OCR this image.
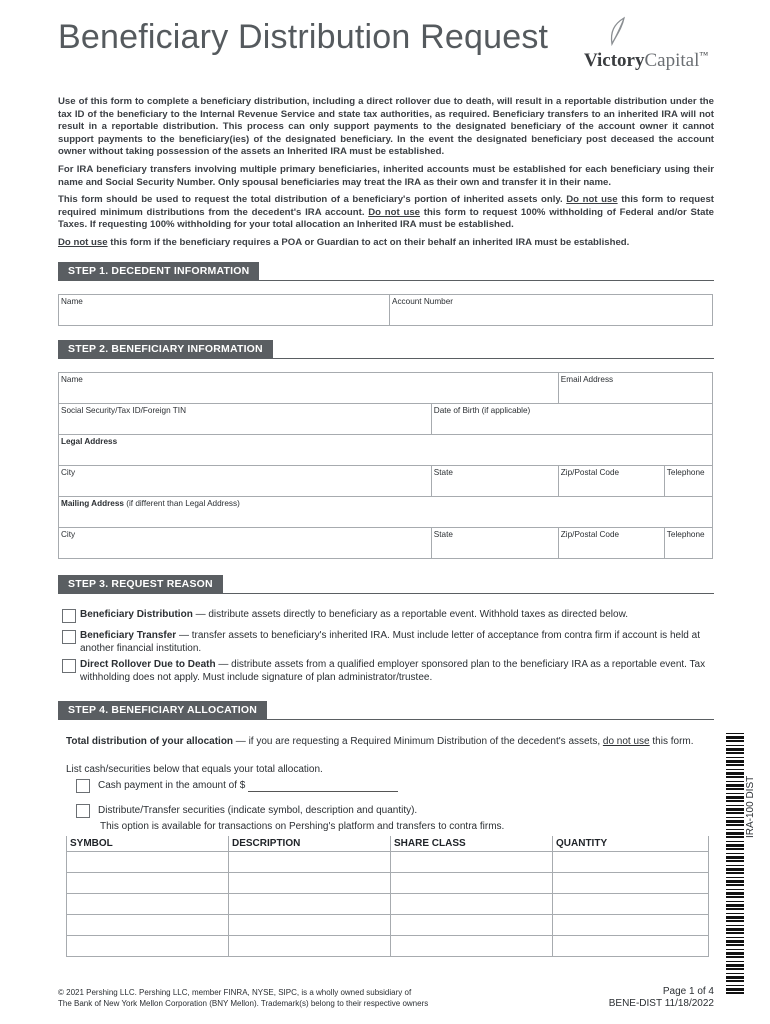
Beneficiary Distribution Request
VictoryCapital™

Use of this form to complete a beneficiary distribution, including a direct rollover due to death, will result in a reportable distribution under the tax ID of the beneficiary to the Internal Revenue Service and state tax authorities, as required. Beneficiary transfers to an inherited IRA will not result in a reportable distribution. This process can only support payments to the designated beneficiary of the account owner it cannot support payments to the beneficiary(ies) of the designated beneficiary. In the event the designated beneficiary post deceased the account owner without taking possession of the assets an Inherited IRA must be established.

For IRA beneficiary transfers involving multiple primary beneficiaries, inherited accounts must be established for each beneficiary using their name and Social Security Number. Only spousal beneficiaries may treat the IRA as their own and transfer it in their name.

This form should be used to request the total distribution of a beneficiary's portion of inherited assets only. Do not use this form to request required minimum distributions from the decedent's IRA account. Do not use this form to request 100% withholding of Federal and/or State Taxes. If requesting 100% withholding for your total allocation an Inherited IRA must be established.

Do not use this form if the beneficiary requires a POA or Guardian to act on their behalf an inherited IRA must be established.

STEP 1. DECEDENT INFORMATION
Name	Account Number
STEP 2. BENEFICIARY INFORMATION
Name		Email Address	
Social Security/Tax ID/Foreign TIN	Date of Birth (if applicable)		
Legal Address			
City	State	Zip/Postal Code	Telephone
Mailing Address (if different than Legal Address)			
City	State	Zip/Postal Code	Telephone
STEP 3. REQUEST REASON
Beneficiary Distribution — distribute assets directly to beneficiary as a reportable event. Withhold taxes as directed below.
Beneficiary Transfer — transfer assets to beneficiary's inherited IRA. Must include letter of acceptance from contra firm if account is held at another financial institution.
Direct Rollover Due to Death — distribute assets from a qualified employer sponsored plan to the beneficiary IRA as a reportable event. Tax withholding does not apply. Must include signature of plan administrator/trustee.
STEP 4. BENEFICIARY ALLOCATION
Total distribution of your allocation — if you are requesting a Required Minimum Distribution of the decedent's assets, do not use this form.
List cash/securities below that equals your total allocation.
Cash payment in the amount of $
Distribute/Transfer securities (indicate symbol, description and quantity).
This option is available for transactions on Pershing's platform and transfers to contra firms.
SYMBOL	DESCRIPTION	SHARE CLASS	QUANTITY

IRA-100 DIST
© 2021 Pershing LLC. Pershing LLC, member FINRA, NYSE, SIPC, is a wholly owned subsidiary of
The Bank of New York Mellon Corporation (BNY Mellon). Trademark(s) belong to their respective owners
Page 1 of 4
BENE-DIST 11/18/2022
